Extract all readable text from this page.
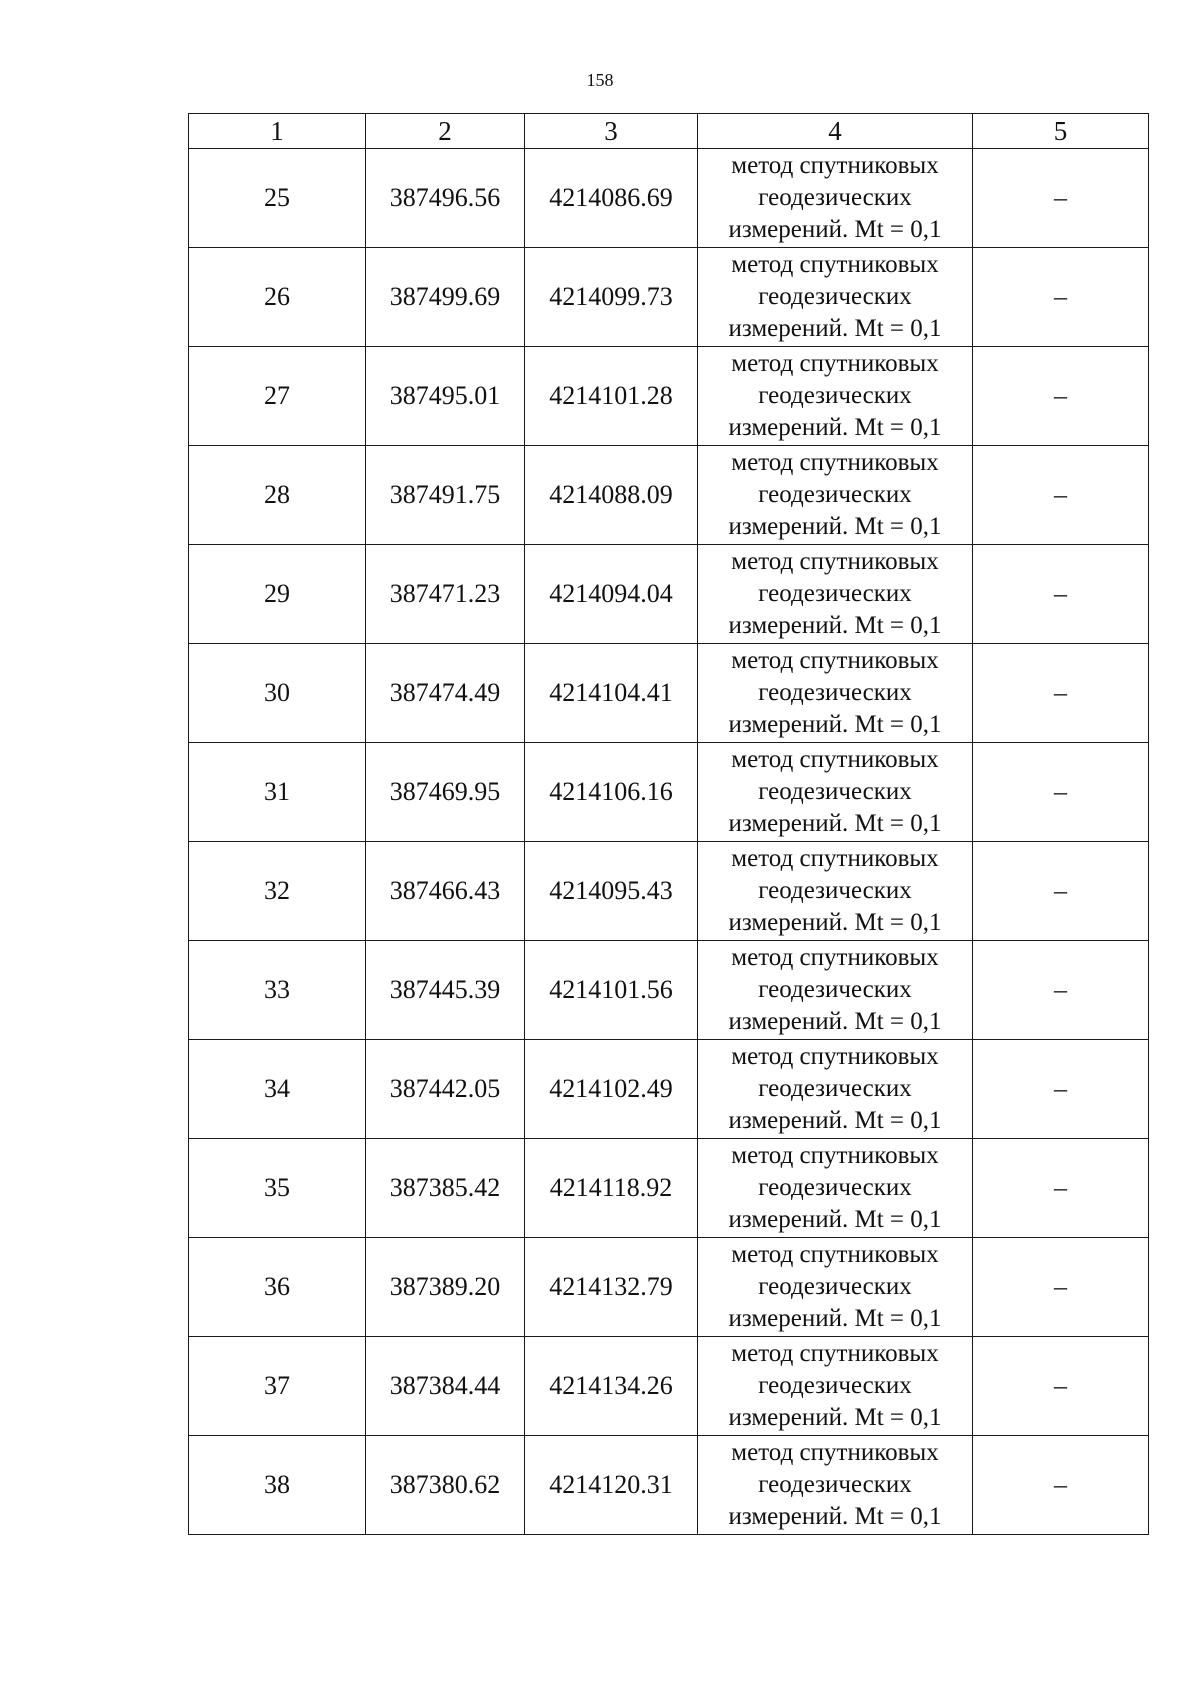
158
1	2	3	4	5
25	387496.56	4214086.69	метод спутниковых
геодезических
измерений. Mt = 0,1	–
26	387499.69	4214099.73	метод спутниковых
геодезических
измерений. Mt = 0,1	–
27	387495.01	4214101.28	метод спутниковых
геодезических
измерений. Mt = 0,1	–
28	387491.75	4214088.09	метод спутниковых
геодезических
измерений. Mt = 0,1	–
29	387471.23	4214094.04	метод спутниковых
геодезических
измерений. Mt = 0,1	–
30	387474.49	4214104.41	метод спутниковых
геодезических
измерений. Mt = 0,1	–
31	387469.95	4214106.16	метод спутниковых
геодезических
измерений. Mt = 0,1	–
32	387466.43	4214095.43	метод спутниковых
геодезических
измерений. Mt = 0,1	–
33	387445.39	4214101.56	метод спутниковых
геодезических
измерений. Mt = 0,1	–
34	387442.05	4214102.49	метод спутниковых
геодезических
измерений. Mt = 0,1	–
35	387385.42	4214118.92	метод спутниковых
геодезических
измерений. Mt = 0,1	–
36	387389.20	4214132.79	метод спутниковых
геодезических
измерений. Mt = 0,1	–
37	387384.44	4214134.26	метод спутниковых
геодезических
измерений. Mt = 0,1	–
38	387380.62	4214120.31	метод спутниковых
геодезических
измерений. Mt = 0,1	–
